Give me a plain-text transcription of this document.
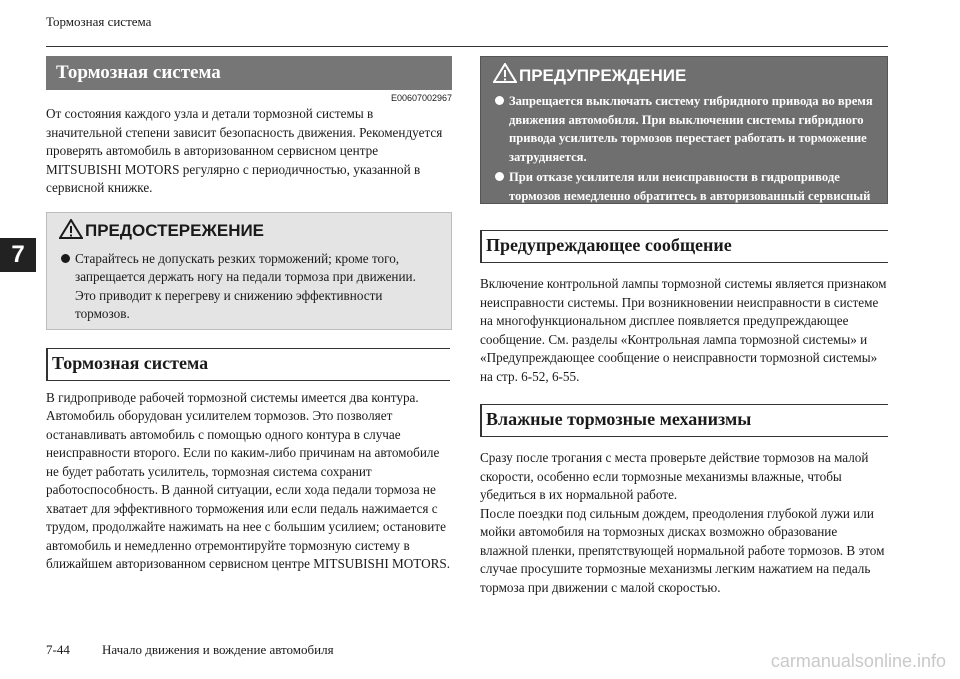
Тормозная система
7
Тормозная система
E00607002967

От состояния каждого узла и детали тормозной системы в значительной степени зависит безопасность движения. Рекомендуется проверять автомобиль в авторизованном сервисном центре MITSUBISHI MOTORS регулярно с периодичностью, указанной в сервисной книжке.

ПРЕДОСТЕРЕЖЕНИЕ
Старайтесь не допускать резких торможений; кроме того, запрещается держать ногу на педали тормоза при движении. Это приводит к перегреву и снижению эффективности тормозов.
Тормозная система

В гидроприводе рабочей тормозной системы имеется два контура. Автомобиль оборудован усилителем тормозов. Это позволяет останавливать автомобиль с помощью одного контура в случае неисправности второго. Если по каким-либо причинам на автомобиле не будет работать усилитель, тормозная система сохранит работоспособность. В данной ситуации, если хода педали тормоза не хватает для эффективного торможения или если педаль нажимается с трудом, продолжайте нажимать на нее с большим усилием; остановите автомобиль и немедленно отремонтируйте тормозную систему в ближайшем авторизованном сервисном центре MITSUBISHI MOTORS.

ПРЕДУПРЕЖДЕНИЕ
Запрещается выключать систему гибридного привода во время движения автомобиля. При выключении системы гибридного привода усилитель тормозов перестает работать и торможение затрудняется.
При отказе усилителя или неисправности в гидроприводе тормозов немедленно обратитесь в авторизованный сервисный центр MITSUBISHI MOTORS.
Предупреждающее сообщение

Включение контрольной лампы тормозной системы является признаком неисправности системы. При возникновении неисправности в системе на многофункциональном дисплее появляется предупреждающее сообщение. См. разделы «Контрольная лампа тормозной системы» и «Предупреждающее сообщение о неисправности тормозной системы» на стр. 6-52, 6-55.

Влажные тормозные механизмы

Сразу после трогания с места проверьте действие тормозов на малой скорости, особенно если тормозные механизмы влажные, чтобы убедиться в их нормальной работе.

После поездки под сильным дождем, преодоления глубокой лужи или мойки автомобиля на тормозных дисках возможно образование влажной пленки, препятствующей нормальной работе тормозов. В этом случае просушите тормозные механизмы легким нажатием на педаль тормоза при движении с малой скоростью.

7-44 Начало движения и вождение автомобиля
carmanualsonline.info
